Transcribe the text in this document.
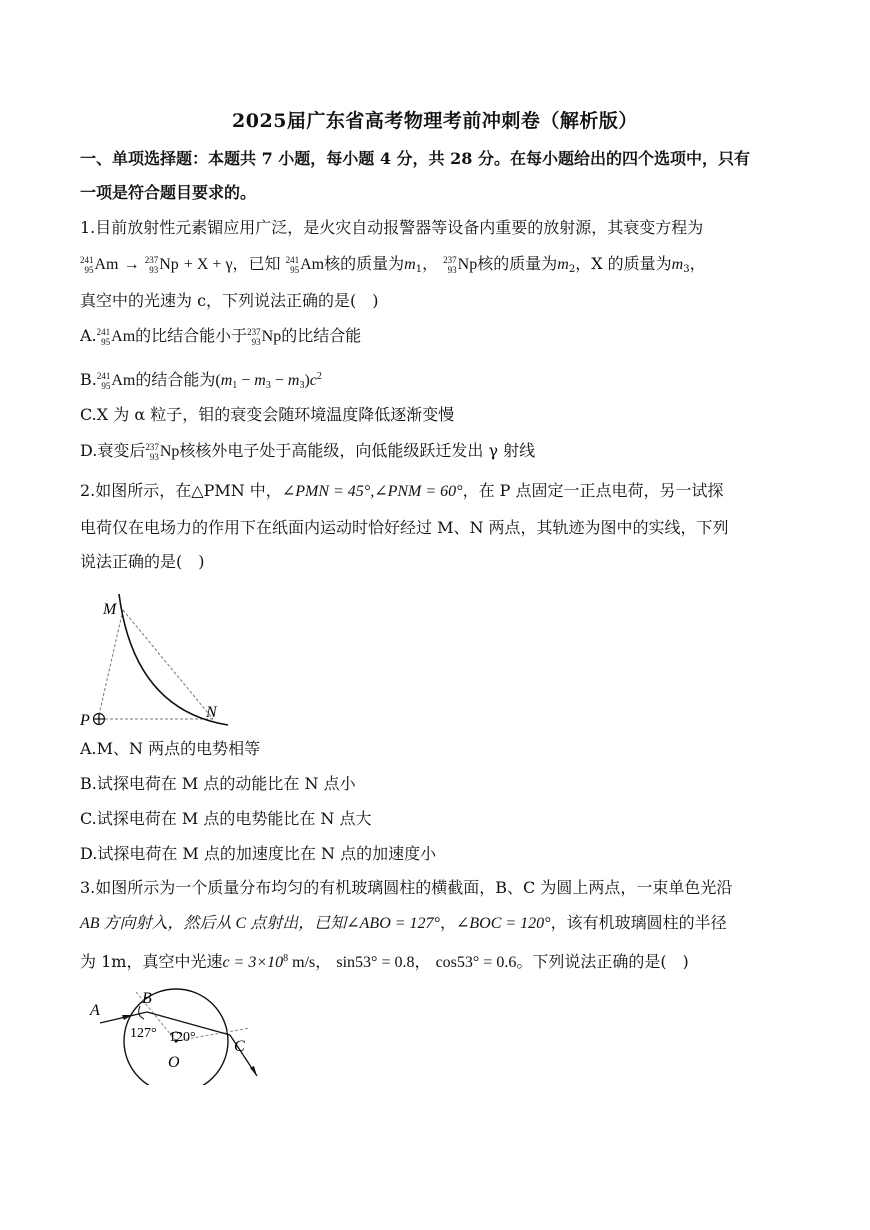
2025届广东省高考物理考前冲刺卷（解析版）
一、单项选择题：本题共 7 小题，每小题 4 分，共 28 分。在每小题给出的四个选项中，只有
一项是符合题目要求的。
1.目前放射性元素镅应用广泛，是火灾自动报警器等设备内重要的放射源，其衰变方程为
241
95 Am → 237
93 Np + X + γ，已知 241
95 Am核的质量为$m_1$， 237
93 Np核的质量为$m_2$，X 的质量为$m_3$，
真空中的光速为 c，下列说法正确的是(　)
A. 241
95 Am的比结合能小于 237
93 Np的比结合能
B. 241
95 Am的结合能为$(m_1 - m_3 - m_3)c^2$
C.X 为 α 粒子，钼的衰变会随环境温度降低逐渐变慢
D.衰变后 237
93 Np核核外电子处于高能级，向低能级跃迁发出 γ 射线
2.如图所示，在△PMN 中，∠PMN = 45°,∠PNM = 60°，在 P 点固定一正点电荷，另一试探
电荷仅在电场力的作用下在纸面内运动时恰好经过 M、N 两点，其轨迹为图中的实线，下列
说法正确的是(　)
M
N
P
A.M、N 两点的电势相等
B.试探电荷在 M 点的动能比在 N 点小
C.试探电荷在 M 点的电势能比在 N 点大
D.试探电荷在 M 点的加速度比在 N 点的加速度小
3.如图所示为一个质量分布均匀的有机玻璃圆柱的横截面，B、C 为圆上两点，一束单色光沿
AB 方向射入，然后从 C 点射出，已知∠ABO = 127°，∠BOC = 120°，该有机玻璃圆柱的半径
为 1m，真空中光速$c = 3\times 10^8$ m/s， sin53° = 0.8， cos53° = 0.6。下列说法正确的是(　)
A
B
C
O
127° 120°
